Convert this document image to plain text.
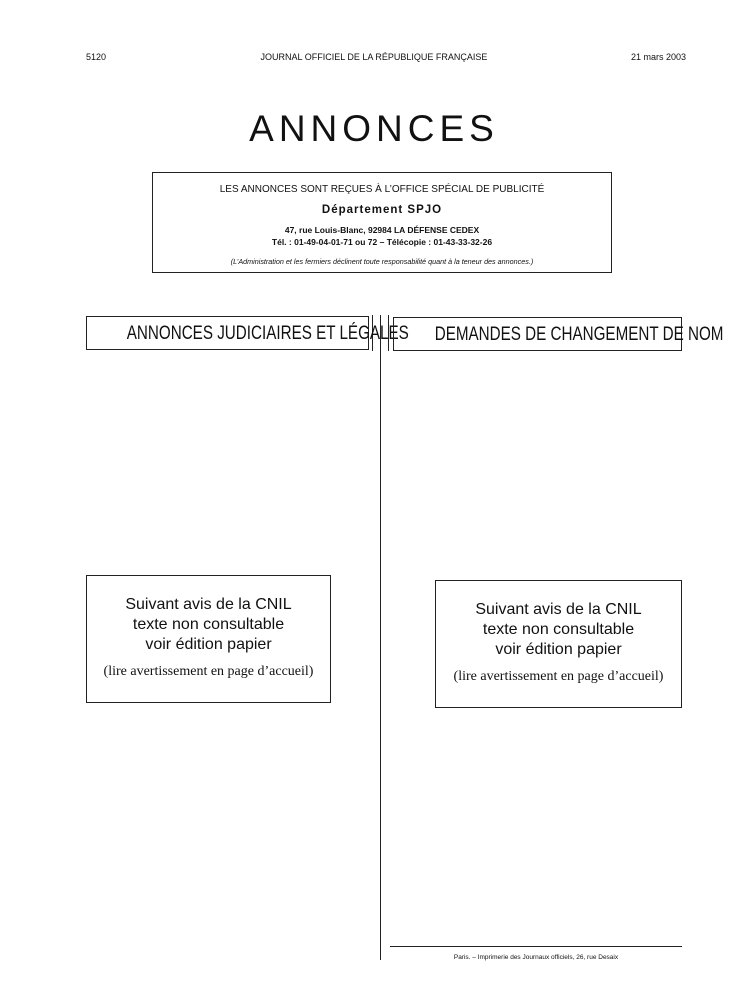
5120	JOURNAL OFFICIEL DE LA RÉPUBLIQUE FRANÇAISE	21 mars 2003
ANNONCES
LES ANNONCES SONT REÇUES À L’OFFICE SPÉCIAL DE PUBLICITÉ
Département SPJO
47, rue Louis-Blanc, 92984 LA DÉFENSE CEDEX
Tél. : 01-49-04-01-71 ou 72 – Télécopie : 01-43-33-32-26
(L’Administration et les fermiers déclinent toute responsabilité quant à la teneur des annonces.)
ANNONCES JUDICIAIRES ET LÉGALES	DEMANDES DE CHANGEMENT DE NOM
Suivant avis de la CNIL
texte non consultable
voir édition papier
(lire avertissement en page d’accueil)
Suivant avis de la CNIL
texte non consultable
voir édition papier
(lire avertissement en page d’accueil)
Paris. – Imprimerie des Journaux officiels, 26, rue Desaix
